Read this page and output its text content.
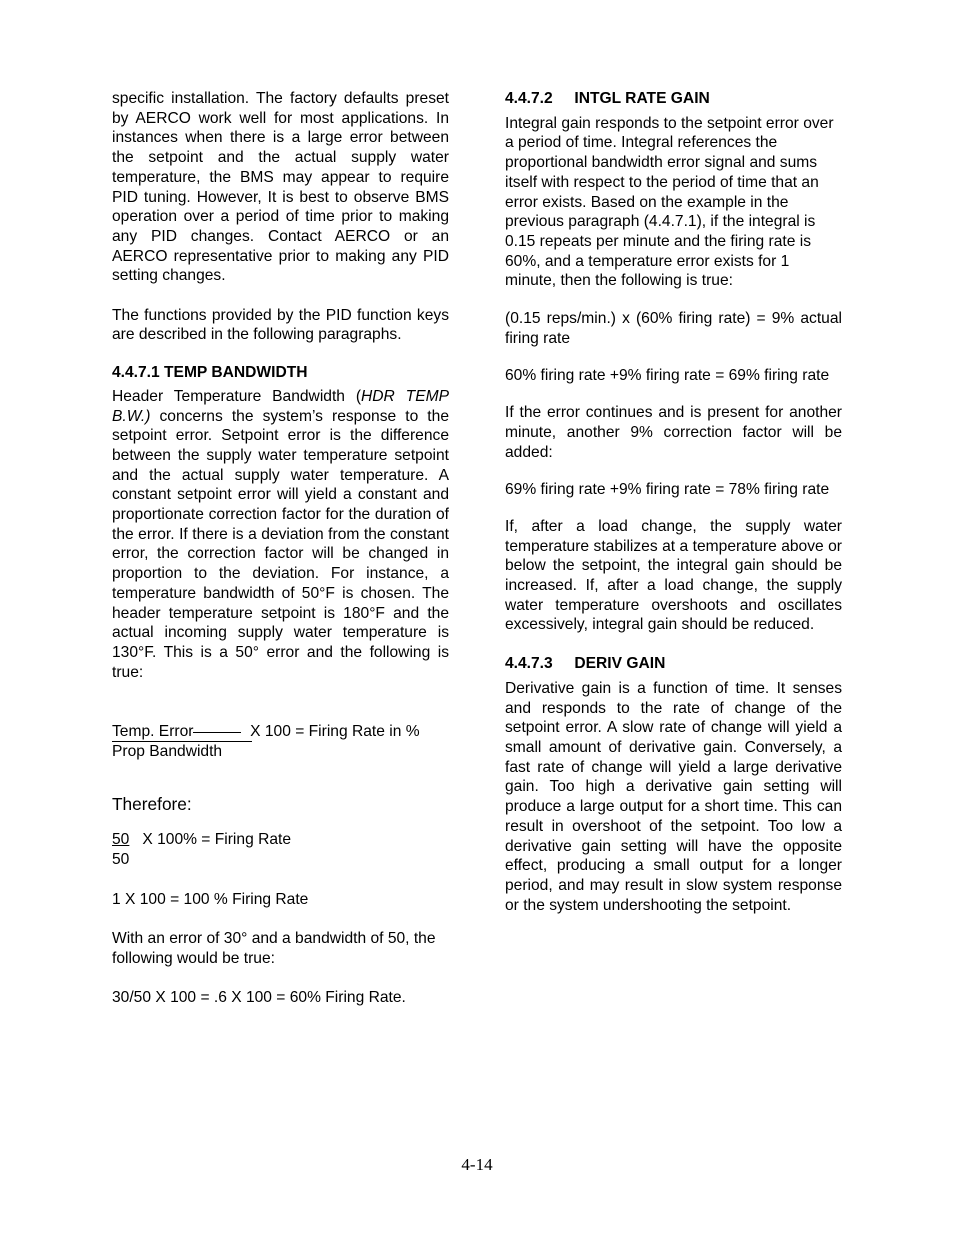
specific installation. The factory defaults preset by AERCO work well for most applications. In instances when there is a large error between the setpoint and the actual supply water temperature, the BMS may appear to require PID tuning. However, It is best to observe BMS operation over a period of time prior to making any PID changes. Contact AERCO or an AERCO representative prior to making any PID setting changes.

The functions provided by the PID function keys are described in the following paragraphs.

4.4.7.1 TEMP BANDWIDTH

Header Temperature Bandwidth (HDR TEMP B.W.) concerns the system’s response to the setpoint error. Setpoint error is the difference between the supply water temperature setpoint and the actual supply water temperature. A constant setpoint error will yield a constant and proportionate correction factor for the duration of the error. If there is a deviation from the constant error, the correction factor will be changed in proportion to the deviation. For instance, a temperature bandwidth of 50°F is chosen. The header temperature setpoint is 180°F and the actual incoming supply water temperature is 130°F. This is a 50° error and the following is true:

Temp. Error	X 100 = Firing Rate in %
Prop Bandwidth

Therefore:

50 X 100% = Firing Rate
50

1 X 100 = 100 % Firing Rate

With an error of 30° and a bandwidth of 50, the following would be true:

30/50 X 100 = .6 X 100 = 60% Firing Rate.

4.4.7.2 INTGL RATE GAIN

Integral gain responds to the setpoint error over a period of time. Integral references the proportional bandwidth error signal and sums itself with respect to the period of time that an error exists. Based on the example in the previous paragraph (4.4.7.1), if the integral is 0.15 repeats per minute and the firing rate is 60%, and a temperature error exists for 1 minute, then the following is true:

(0.15 reps/min.) x (60% firing rate) = 9% actual firing rate

60% firing rate +9% firing rate = 69% firing rate

If the error continues and is present for another minute, another 9% correction factor will be added:

69% firing rate +9% firing rate = 78% firing rate

If, after a load change, the supply water temperature stabilizes at a temperature above or below the setpoint, the integral gain should be increased. If, after a load change, the supply water temperature overshoots and oscillates excessively, integral gain should be reduced.

4.4.7.3 DERIV GAIN

Derivative gain is a function of time. It senses and responds to the rate of change of the setpoint error. A slow rate of change will yield a small amount of derivative gain. Conversely, a fast rate of change will yield a large derivative gain. Too high a derivative gain setting will produce a large output for a short time. This can result in overshoot of the setpoint. Too low a derivative gain setting will have the opposite effect, producing a small output for a longer period, and may result in slow system response or the system undershooting the setpoint.

4-14
